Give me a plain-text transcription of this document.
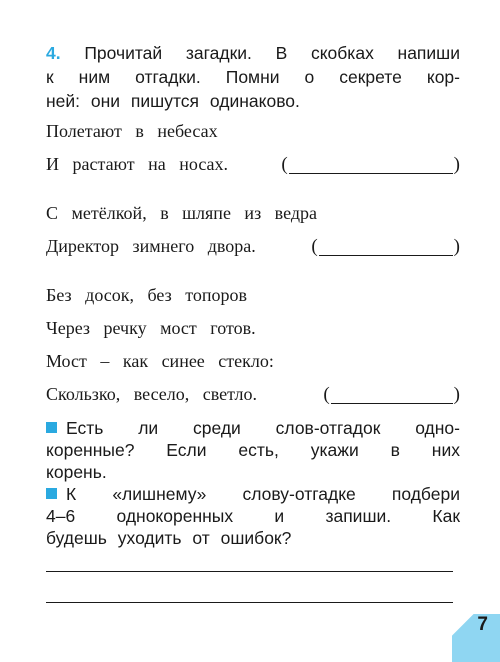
4. Прочитай загадки. В скобках напиши
к ним отгадки. Помни о секрете кор-
ней: они пишутся одинаково.
Полетают в небесах
И растают на носах.	(	)
С метёлкой, в шляпе из ведра
Директор зимнего двора.	(	)
Без досок, без топоров
Через речку мост готов.
Мост – как синее стекло:
Скользко, весело, светло.	(	)
Есть ли среди слов-отгадок одно-
коренные? Если есть, укажи в них
корень.
К «лишнему» слову-отгадке подбери
4–6 однокоренных и запиши. Как
будешь уходить от ошибок?
7
